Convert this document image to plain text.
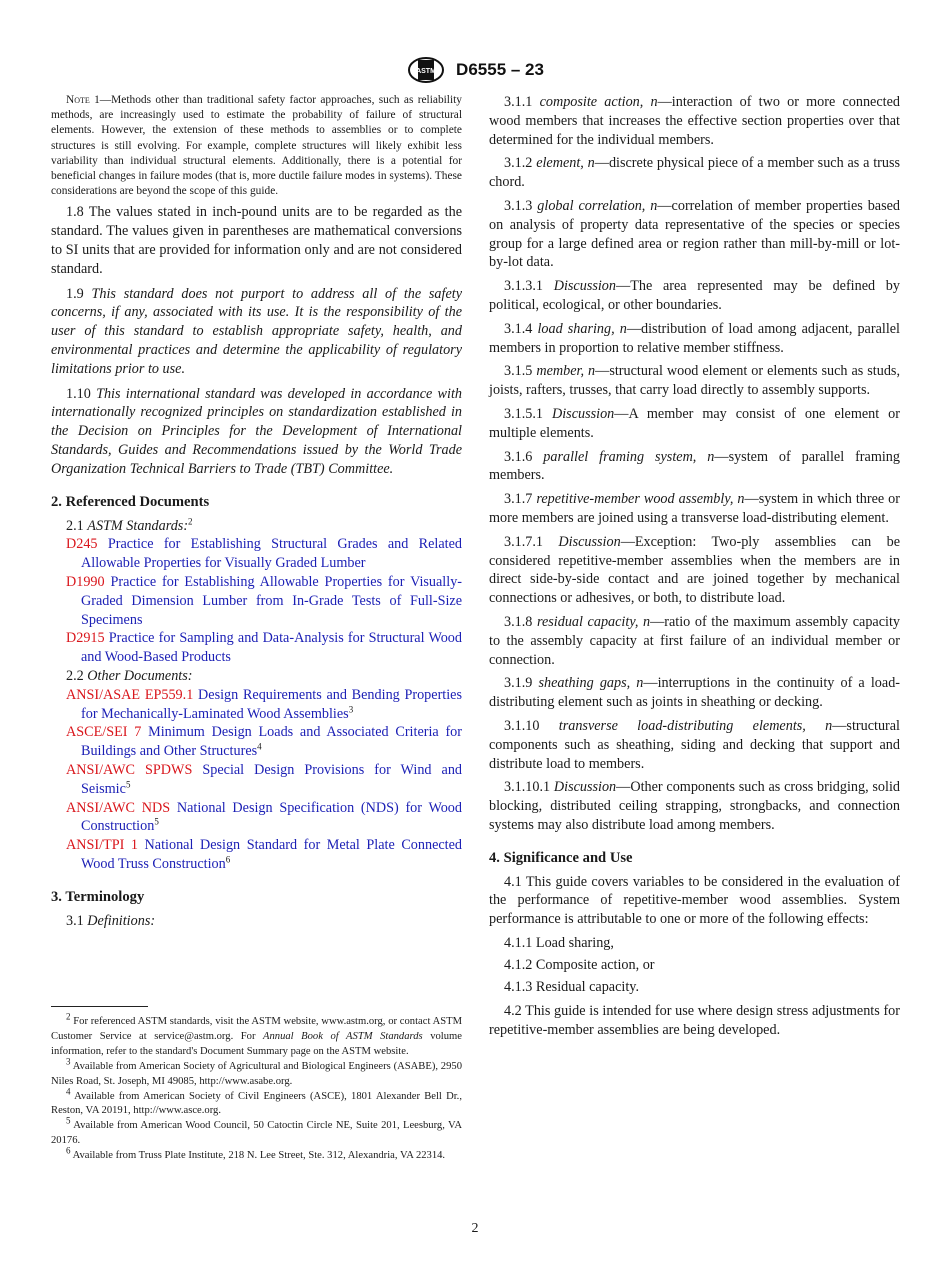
ASTM D6555 – 23

Note 1—Methods other than traditional safety factor approaches, such as reliability methods, are increasingly used to estimate the probability of failure of structural elements. However, the extension of these methods to assemblies or to complete structures is still evolving. For example, complete structures will likely exhibit less variability than individual structural elements. Additionally, there is a potential for beneficial changes in failure modes (that is, more ductile failure modes in systems). These considerations are beyond the scope of this guide.

1.8 The values stated in inch-pound units are to be regarded as the standard. The values given in parentheses are mathematical conversions to SI units that are provided for information only and are not considered standard.

1.9 This standard does not purport to address all of the safety concerns, if any, associated with its use. It is the responsibility of the user of this standard to establish appropriate safety, health, and environmental practices and determine the applicability of regulatory limitations prior to use.

1.10 This international standard was developed in accordance with internationally recognized principles on standardization established in the Decision on Principles for the Development of International Standards, Guides and Recommendations issued by the World Trade Organization Technical Barriers to Trade (TBT) Committee.

2. Referenced Documents

2.1 ASTM Standards:$^2$

D245 Practice for Establishing Structural Grades and Related Allowable Properties for Visually Graded Lumber

D1990 Practice for Establishing Allowable Properties for Visually-Graded Dimension Lumber from In-Grade Tests of Full-Size Specimens

D2915 Practice for Sampling and Data-Analysis for Structural Wood and Wood-Based Products

2.2 Other Documents:

ANSI/ASAE EP559.1 Design Requirements and Bending Properties for Mechanically-Laminated Wood Assemblies$^3$

ASCE/SEI 7 Minimum Design Loads and Associated Criteria for Buildings and Other Structures$^4$

ANSI/AWC SPDWS Special Design Provisions for Wind and Seismic$^5$

ANSI/AWC NDS National Design Specification (NDS) for Wood Construction$^5$

ANSI/TPI 1 National Design Standard for Metal Plate Connected Wood Truss Construction$^6$

3. Terminology

3.1 Definitions:

$^2$ For referenced ASTM standards, visit the ASTM website, www.astm.org, or contact ASTM Customer Service at service@astm.org. For Annual Book of ASTM Standards volume information, refer to the standard's Document Summary page on the ASTM website.

$^3$ Available from American Society of Agricultural and Biological Engineers (ASABE), 2950 Niles Road, St. Joseph, MI 49085, http://www.asabe.org.

$^4$ Available from American Society of Civil Engineers (ASCE), 1801 Alexander Bell Dr., Reston, VA 20191, http://www.asce.org.

$^5$ Available from American Wood Council, 50 Catoctin Circle NE, Suite 201, Leesburg, VA 20176.

$^6$ Available from Truss Plate Institute, 218 N. Lee Street, Ste. 312, Alexandria, VA 22314.

3.1.1 composite action, n—interaction of two or more connected wood members that increases the effective section properties over that determined for the individual members.

3.1.2 element, n—discrete physical piece of a member such as a truss chord.

3.1.3 global correlation, n—correlation of member properties based on analysis of property data representative of the species or species group for a large defined area or region rather than mill-by-mill or lot-by-lot data.

3.1.3.1 Discussion—The area represented may be defined by political, ecological, or other boundaries.

3.1.4 load sharing, n—distribution of load among adjacent, parallel members in proportion to relative member stiffness.

3.1.5 member, n—structural wood element or elements such as studs, joists, rafters, trusses, that carry load directly to assembly supports.

3.1.5.1 Discussion—A member may consist of one element or multiple elements.

3.1.6 parallel framing system, n—system of parallel framing members.

3.1.7 repetitive-member wood assembly, n—system in which three or more members are joined using a transverse load-distributing element.

3.1.7.1 Discussion—Exception: Two-ply assemblies can be considered repetitive-member assemblies when the members are in direct side-by-side contact and are joined together by mechanical connections or adhesives, or both, to distribute load.

3.1.8 residual capacity, n—ratio of the maximum assembly capacity to the assembly capacity at first failure of an individual member or connection.

3.1.9 sheathing gaps, n—interruptions in the continuity of a load-distributing element such as joints in sheathing or decking.

3.1.10 transverse load-distributing elements, n—structural components such as sheathing, siding and decking that support and distribute load to members.

3.1.10.1 Discussion—Other components such as cross bridging, solid blocking, distributed ceiling strapping, strongbacks, and connection systems may also distribute load among members.

4. Significance and Use

4.1 This guide covers variables to be considered in the evaluation of the performance of repetitive-member wood assemblies. System performance is attributable to one or more of the following effects:

4.1.1 Load sharing,

4.1.2 Composite action, or

4.1.3 Residual capacity.

4.2 This guide is intended for use where design stress adjustments for repetitive-member assemblies are being developed.

2
